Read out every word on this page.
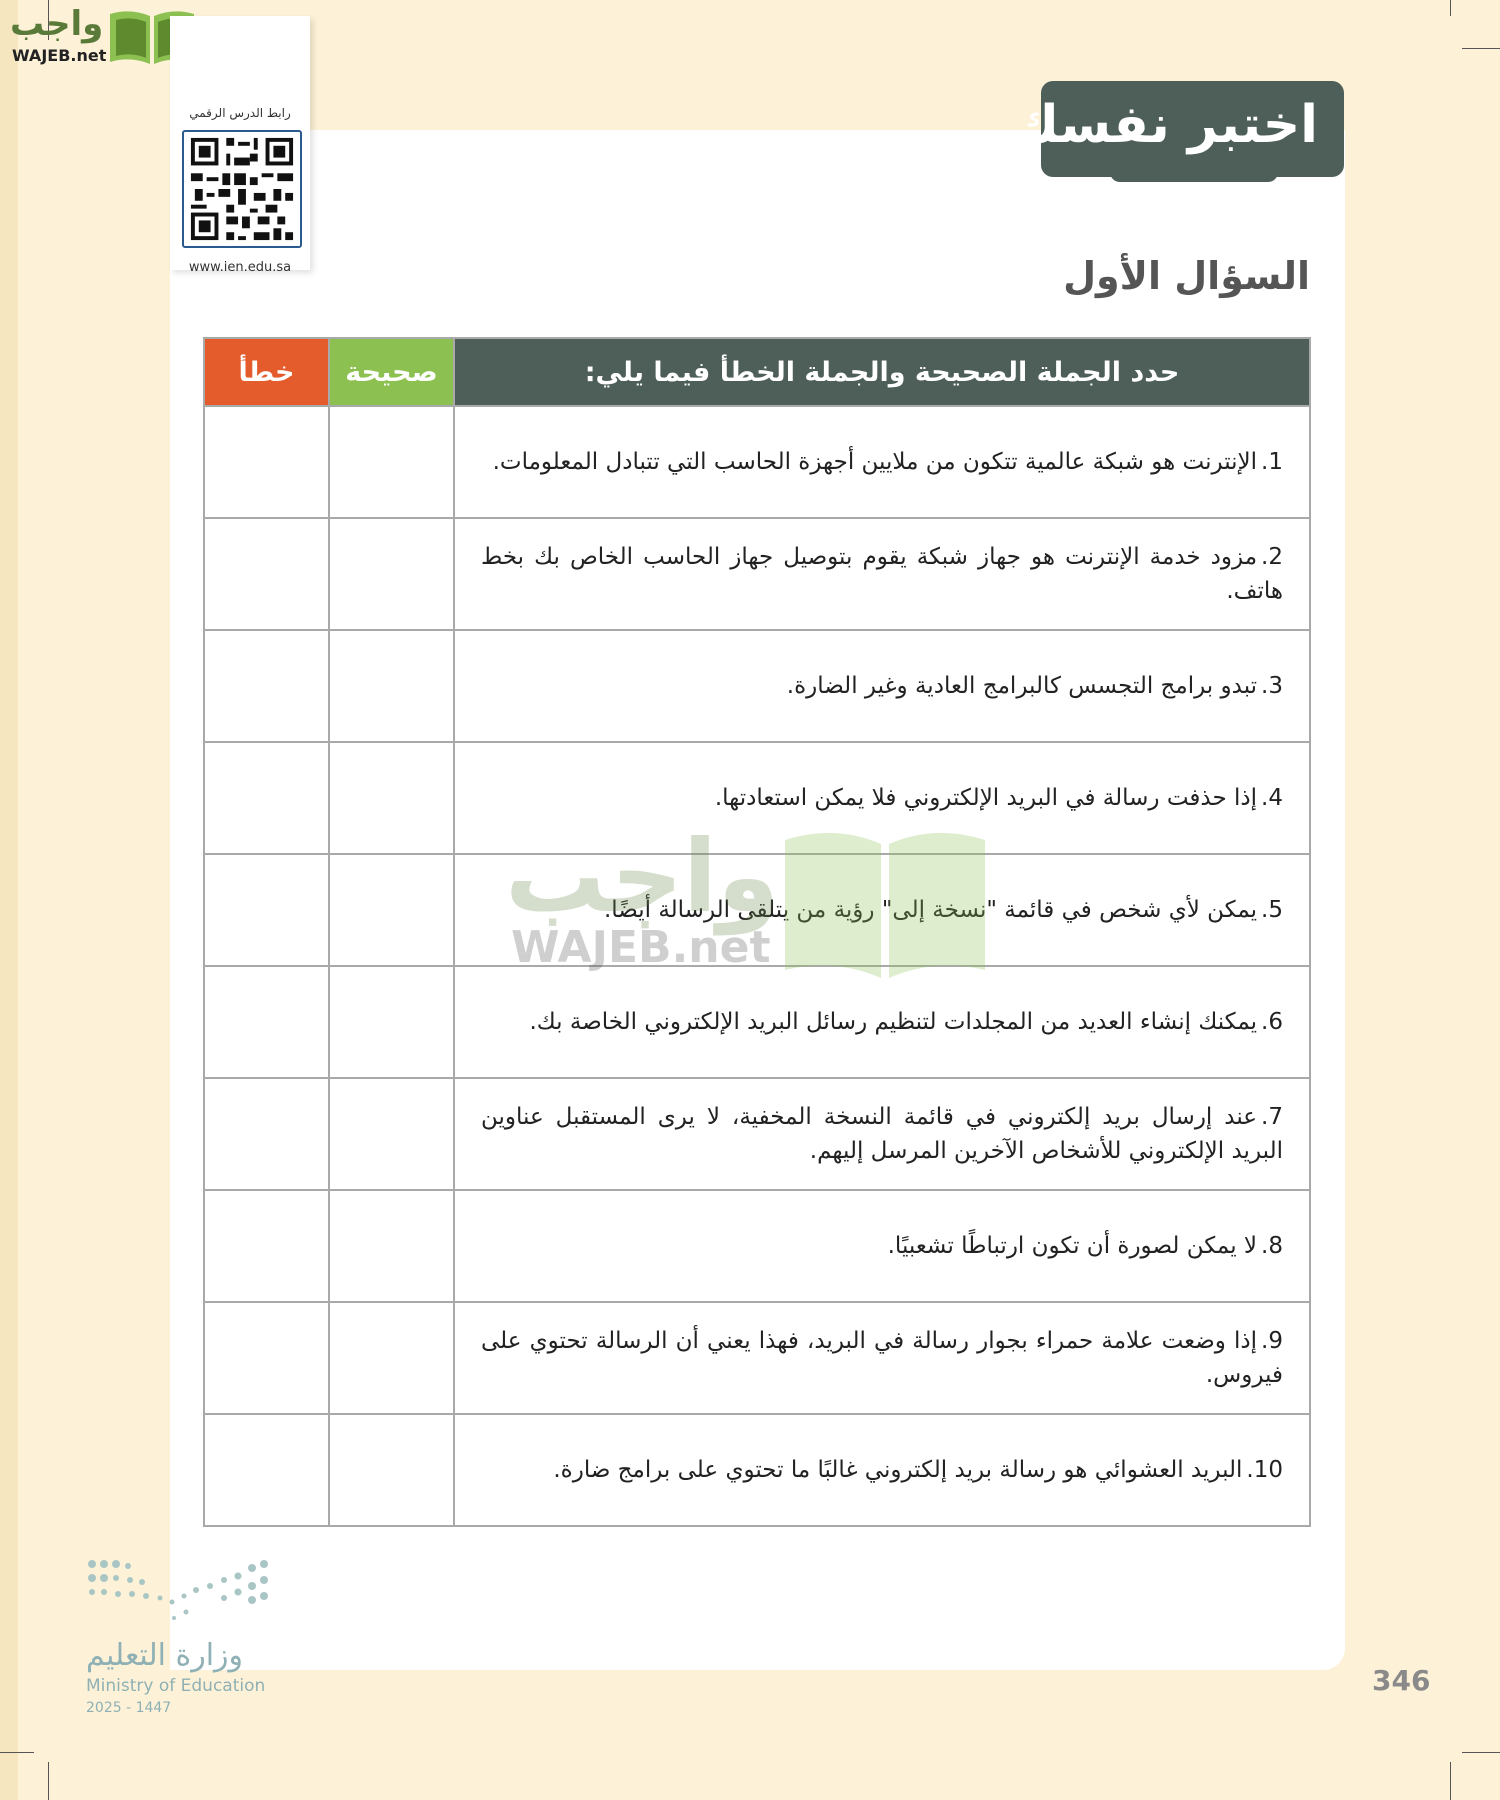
واجب
WAJEB.net
رابط الدرس الرقمي
www.ien.edu.sa
اختبر نفسك
السؤال الأول
حدد الجملة الصحيحة والجملة الخطأ فيما يلي:	صحيحة	خطأ
1.الإنترنت هو شبكة عالمية تتكون من ملايين أجهزة الحاسب التي تتبادل المعلومات.		
2.مزود خدمة الإنترنت هو جهاز شبكة يقوم بتوصيل جهاز الحاسب الخاص بك بخط هاتف.		
3.تبدو برامج التجسس كالبرامج العادية وغير الضارة.		
4.إذا حذفت رسالة في البريد الإلكتروني فلا يمكن استعادتها.		
5.يمكن لأي شخص في قائمة "نسخة إلى" رؤية من يتلقى الرسالة أيضًا.		
6.يمكنك إنشاء العديد من المجلدات لتنظيم رسائل البريد الإلكتروني الخاصة بك.		
7.عند إرسال بريد إلكتروني في قائمة النسخة المخفية، لا يرى المستقبل عناوين البريد الإلكتروني للأشخاص الآخرين المرسل إليهم.		
8.لا يمكن لصورة أن تكون ارتباطًا تشعبيًا.		
9.إذا وضعت علامة حمراء بجوار رسالة في البريد، فهذا يعني أن الرسالة تحتوي على فيروس.		
10.البريد العشوائي هو رسالة بريد إلكتروني غالبًا ما تحتوي على برامج ضارة.		
واجب
WAJEB.net
وزارة التعليم
Ministry of Education
2025 - 1447
346
